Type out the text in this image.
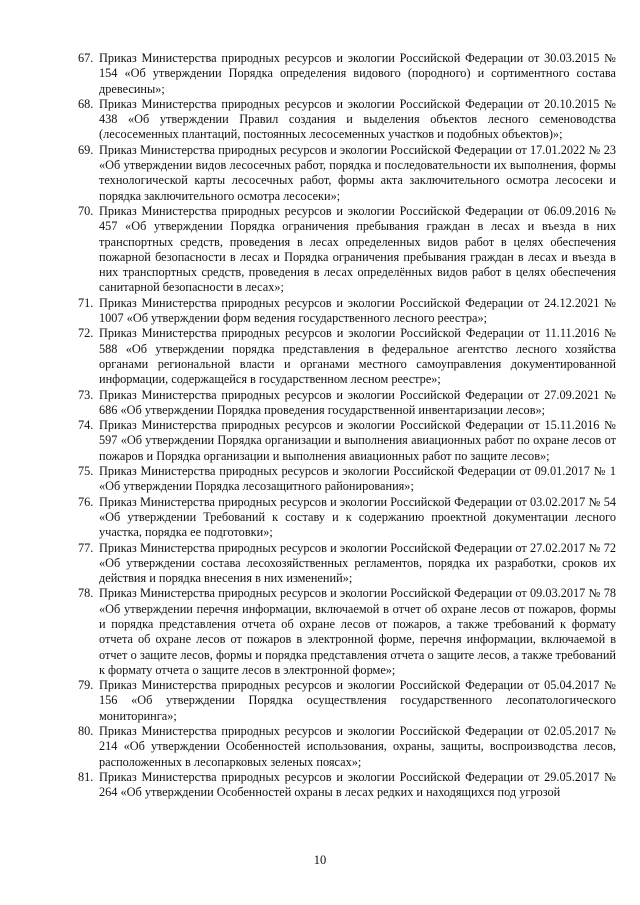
67. Приказ Министерства природных ресурсов и экологии Российской Федерации от 30.03.2015 № 154 «Об утверждении Порядка определения видового (породного) и сортиментного состава древесины»;
68. Приказ Министерства природных ресурсов и экологии Российской Федерации от 20.10.2015 № 438 «Об утверждении Правил создания и выделения объектов лесного семеноводства (лесосеменных плантаций, постоянных лесосеменных участков и подобных объектов)»;
69. Приказ Министерства природных ресурсов и экологии Российской Федерации от 17.01.2022 № 23 «Об утверждении видов лесосечных работ, порядка и последовательности их выполнения, формы технологической карты лесосечных работ, формы акта заключительного осмотра лесосеки и порядка заключительного осмотра лесосеки»;
70. Приказ Министерства природных ресурсов и экологии Российской Федерации от 06.09.2016 № 457 «Об утверждении Порядка ограничения пребывания граждан в лесах и въезда в них транспортных средств, проведения в лесах определенных видов работ в целях обеспечения пожарной безопасности в лесах и Порядка ограничения пребывания граждан в лесах и въезда в них транспортных средств, проведения в лесах определённых видов работ в целях обеспечения санитарной безопасности в лесах»;
71. Приказ Министерства природных ресурсов и экологии Российской Федерации от 24.12.2021 № 1007 «Об утверждении форм ведения государственного лесного реестра»;
72. Приказ Министерства природных ресурсов и экологии Российской Федерации от 11.11.2016 № 588 «Об утверждении порядка представления в федеральное агентство лесного хозяйства органами региональной власти и органами местного самоуправления документированной информации, содержащейся в государственном лесном реестре»;
73. Приказ Министерства природных ресурсов и экологии Российской Федерации от 27.09.2021 № 686 «Об утверждении Порядка проведения государственной инвентаризации лесов»;
74. Приказ Министерства природных ресурсов и экологии Российской Федерации от 15.11.2016 № 597 «Об утверждении Порядка организации и выполнения авиационных работ по охране лесов от пожаров и Порядка организации и выполнения авиационных работ по защите лесов»;
75. Приказ Министерства природных ресурсов и экологии Российской Федерации от 09.01.2017 № 1 «Об утверждении Порядка лесозащитного районирования»;
76. Приказ Министерства природных ресурсов и экологии Российской Федерации от 03.02.2017 № 54 «Об утверждении Требований к составу и к содержанию проектной документации лесного участка, порядка ее подготовки»;
77. Приказ Министерства природных ресурсов и экологии Российской Федерации от 27.02.2017 № 72 «Об утверждении состава лесохозяйственных регламентов, порядка их разработки, сроков их действия и порядка внесения в них изменений»;
78. Приказ Министерства природных ресурсов и экологии Российской Федерации от 09.03.2017 № 78 «Об утверждении перечня информации, включаемой в отчет об охране лесов от пожаров, формы и порядка представления отчета об охране лесов от пожаров, а также требований к формату отчета об охране лесов от пожаров в электронной форме, перечня информации, включаемой в отчет о защите лесов, формы и порядка представления отчета о защите лесов, а также требований к формату отчета о защите лесов в электронной форме»;
79. Приказ Министерства природных ресурсов и экологии Российской Федерации от 05.04.2017 № 156 «Об утверждении Порядка осуществления государственного лесопатологического мониторинга»;
80. Приказ Министерства природных ресурсов и экологии Российской Федерации от 02.05.2017 № 214 «Об утверждении Особенностей использования, охраны, защиты, воспроизводства лесов, расположенных в лесопарковых зеленых поясах»;
81. Приказ Министерства природных ресурсов и экологии Российской Федерации от 29.05.2017 № 264 «Об утверждении Особенностей охраны в лесах редких и находящихся под угрозой
10
